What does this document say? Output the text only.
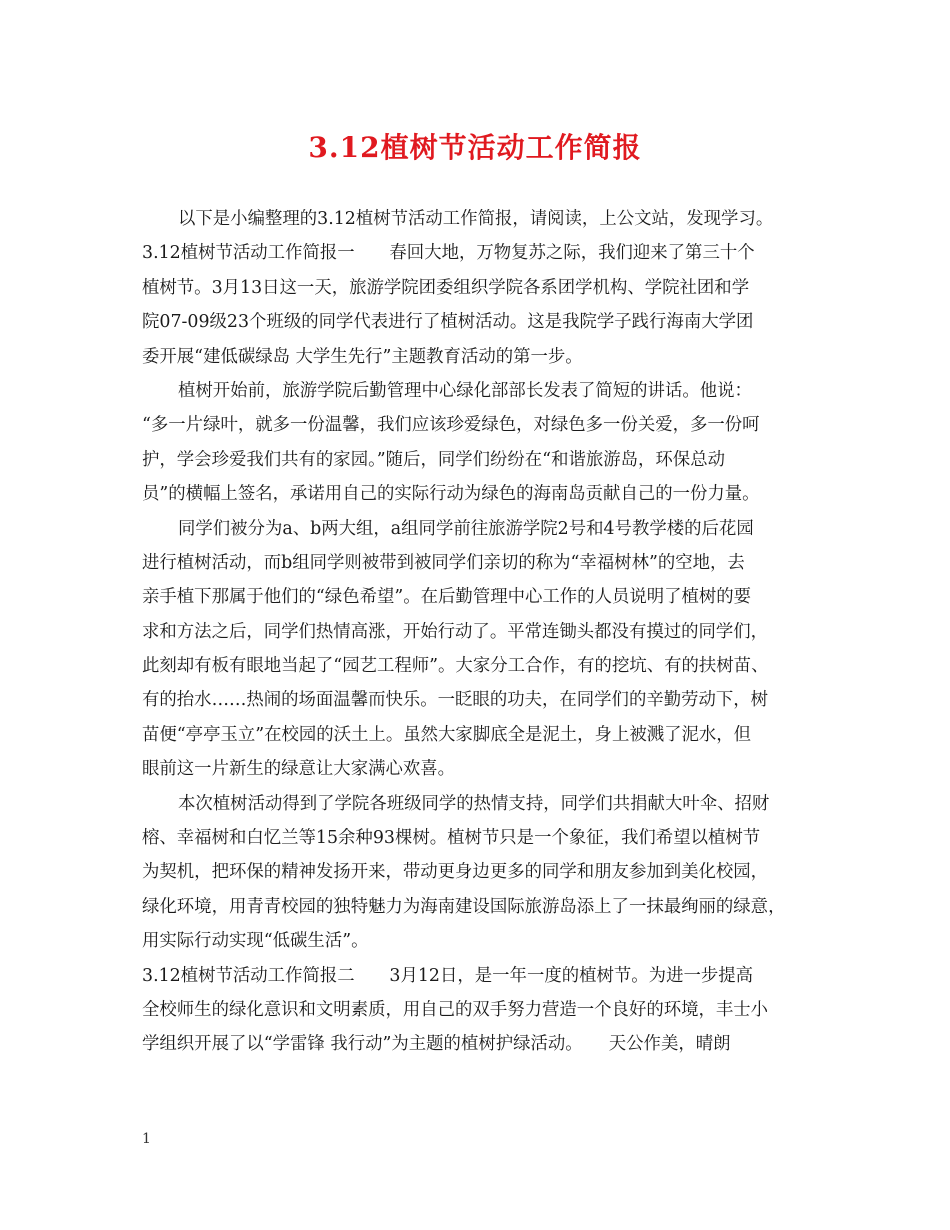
3.12植树节活动工作简报
以下是小编整理的3.12植树节活动工作简报，请阅读，上公文站，发现学习。
3.12植树节活动工作简报一　　春回大地，万物复苏之际，我们迎来了第三十个
植树节。3月13日这一天，旅游学院团委组织学院各系团学机构、学院社团和学
院07-09级23个班级的同学代表进行了植树活动。这是我院学子践行海南大学团
委开展“建低碳绿岛 大学生先行”主题教育活动的第一步。
植树开始前，旅游学院后勤管理中心绿化部部长发表了简短的讲话。他说：
“多一片绿叶，就多一份温馨，我们应该珍爱绿色，对绿色多一份关爱，多一份呵
护，学会珍爱我们共有的家园。”随后，同学们纷纷在“和谐旅游岛，环保总动
员”的横幅上签名，承诺用自己的实际行动为绿色的海南岛贡献自己的一份力量。
同学们被分为a、b两大组，a组同学前往旅游学院2号和4号教学楼的后花园
进行植树活动，而b组同学则被带到被同学们亲切的称为“幸福树林”的空地，去
亲手植下那属于他们的“绿色希望”。在后勤管理中心工作的人员说明了植树的要
求和方法之后，同学们热情高涨，开始行动了。平常连锄头都没有摸过的同学们，
此刻却有板有眼地当起了“园艺工程师”。大家分工合作，有的挖坑、有的扶树苗、
有的抬水……热闹的场面温馨而快乐。一眨眼的功夫，在同学们的辛勤劳动下，树
苗便“亭亭玉立”在校园的沃土上。虽然大家脚底全是泥土，身上被溅了泥水，但
眼前这一片新生的绿意让大家满心欢喜。
本次植树活动得到了学院各班级同学的热情支持，同学们共捐献大叶伞、招财
榕、幸福树和白忆兰等15余种93棵树。植树节只是一个象征，我们希望以植树节
为契机，把环保的精神发扬开来，带动更身边更多的同学和朋友参加到美化校园，
绿化环境，用青青校园的独特魅力为海南建设国际旅游岛添上了一抹最绚丽的绿意，
用实际行动实现“低碳生活”。
3.12植树节活动工作简报二　　3月12日，是一年一度的植树节。为进一步提高
全校师生的绿化意识和文明素质，用自己的双手努力营造一个良好的环境，丰士小
学组织开展了以“学雷锋 我行动”为主题的植树护绿活动。　　天公作美，晴朗
1
